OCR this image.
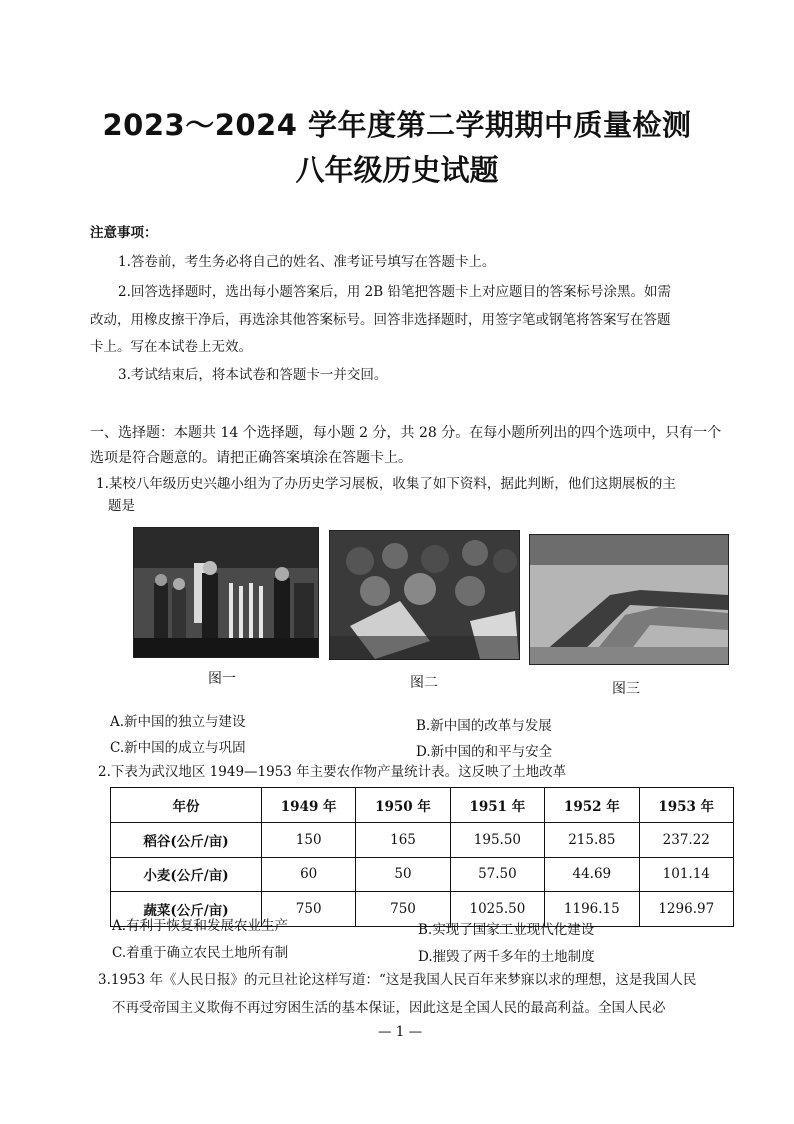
2023～2024 学年度第二学期期中质量检测
八年级历史试题
注意事项：
1.答卷前，考生务必将自己的姓名、准考证号填写在答题卡上。
2.回答选择题时，选出每小题答案后，用 2B 铅笔把答题卡上对应题目的答案标号涂黑。如需
改动，用橡皮擦干净后，再选涂其他答案标号。回答非选择题时，用签字笔或钢笔将答案写在答题
卡上。写在本试卷上无效。
3.考试结束后，将本试卷和答题卡一并交回。
一、选择题：本题共 14 个选择题，每小题 2 分，共 28 分。在每小题所列出的四个选项中，只有一个
选项是符合题意的。请把正确答案填涂在答题卡上。
1.某校八年级历史兴趣小组为了办历史学习展板，收集了如下资料，据此判断，他们这期展板的主
题是
图一	图二	图三
A.新中国的独立与建设	B.新中国的改革与发展
C.新中国的成立与巩固	D.新中国的和平与安全
2.下表为武汉地区 1949—1953 年主要农作物产量统计表。这反映了土地改革
年份	1949 年	1950 年	1951 年	1952 年	1953 年
稻谷(公斤/亩)	150	165	195.50	215.85	237.22
小麦(公斤/亩)	60	50	57.50	44.69	101.14
蔬菜(公斤/亩)	750	750	1025.50	1196.15	1296.97
A.有利于恢复和发展农业生产	B.实现了国家工业现代化建设
C.着重于确立农民土地所有制	D.摧毁了两千多年的土地制度
3.1953 年《人民日报》的元旦社论这样写道：“这是我国人民百年来梦寐以求的理想，这是我国人民
不再受帝国主义欺侮不再过穷困生活的基本保证，因此这是全国人民的最高利益。全国人民必
— 1 —
